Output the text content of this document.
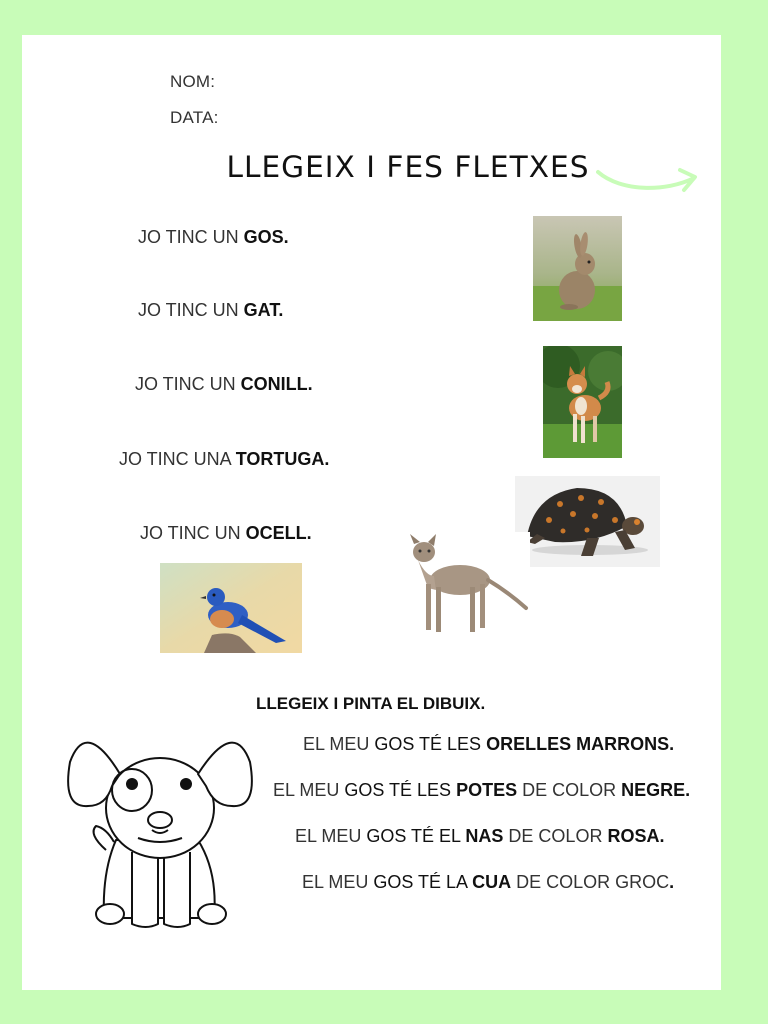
NOM:
DATA:
LLEGEIX I FES FLETXES
JO TINC UN GOS.
JO TINC UN GAT.
JO TINC UN CONILL.
JO TINC UNA TORTUGA.
JO TINC UN OCELL.
LLEGEIX I PINTA EL DIBUIX.
EL MEU GOS TÉ LES ORELLES MARRONS.
EL MEU GOS TÉ LES POTES DE COLOR NEGRE.
EL MEU GOS TÉ EL NAS DE COLOR ROSA.
EL MEU GOS TÉ LA CUA DE COLOR GROC.
